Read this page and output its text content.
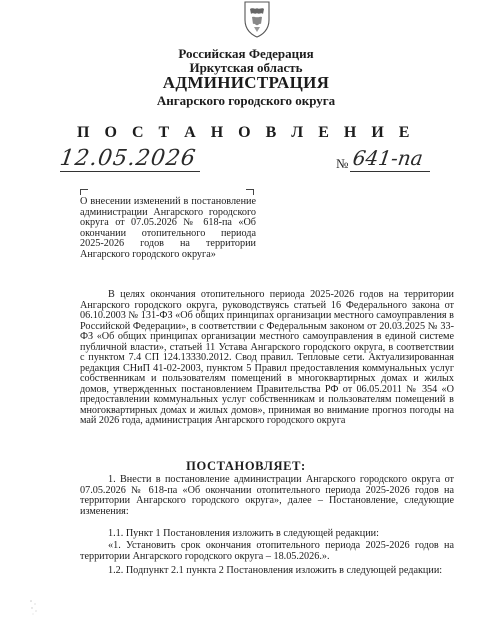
Российская Федерация
Иркутская область
АДМИНИСТРАЦИЯ
Ангарского городского округа
П О С Т А Н О В Л Е Н И Е
12.05.2026	№ 641-па
О внесении изменений в постановление администрации Ангарского городского округа от 07.05.2026 № 618-па «Об окончании отопительного периода 2025-2026 годов на территории Ангарского городского округа»
В целях окончания отопительного периода 2025-2026 годов на территории Ангарского городского округа, руководствуясь статьей 16 Федерального закона от 06.10.2003 № 131-ФЗ «Об общих принципах организации местного самоуправления в Российской Федерации», в соответствии с Федеральным законом от 20.03.2025 № 33-ФЗ «Об общих принципах организации местного самоуправления в единой системе публичной власти», статьей 11 Устава Ангарского городского округа, в соответствии с пунктом 7.4 СП 124.13330.2012. Свод правил. Тепловые сети. Актуализированная редакция СНиП 41-02-2003, пунктом 5 Правил предоставления коммунальных услуг собственникам и пользователям помещений в многоквартирных домах и жилых домов, утвержденных постановлением Правительства РФ от 06.05.2011 № 354 «О предоставлении коммунальных услуг собственникам и пользователям помещений в многоквартирных домах и жилых домов», принимая во внимание прогноз погоды на май 2026 года, администрация Ангарского городского округа
ПОСТАНОВЛЯЕТ:
1. Внести в постановление администрации Ангарского городского округа от 07.05.2026 № 618-па «Об окончании отопительного периода 2025-2026 годов на территории Ангарского городского округа», далее – Постановление, следующие изменения:
1.1. Пункт 1 Постановления изложить в следующей редакции:
«1. Установить срок окончания отопительного периода 2025-2026 годов на территории Ангарского городского округа – 18.05.2026.».
1.2. Подпункт 2.1 пункта 2 Постановления изложить в следующей редакции:
